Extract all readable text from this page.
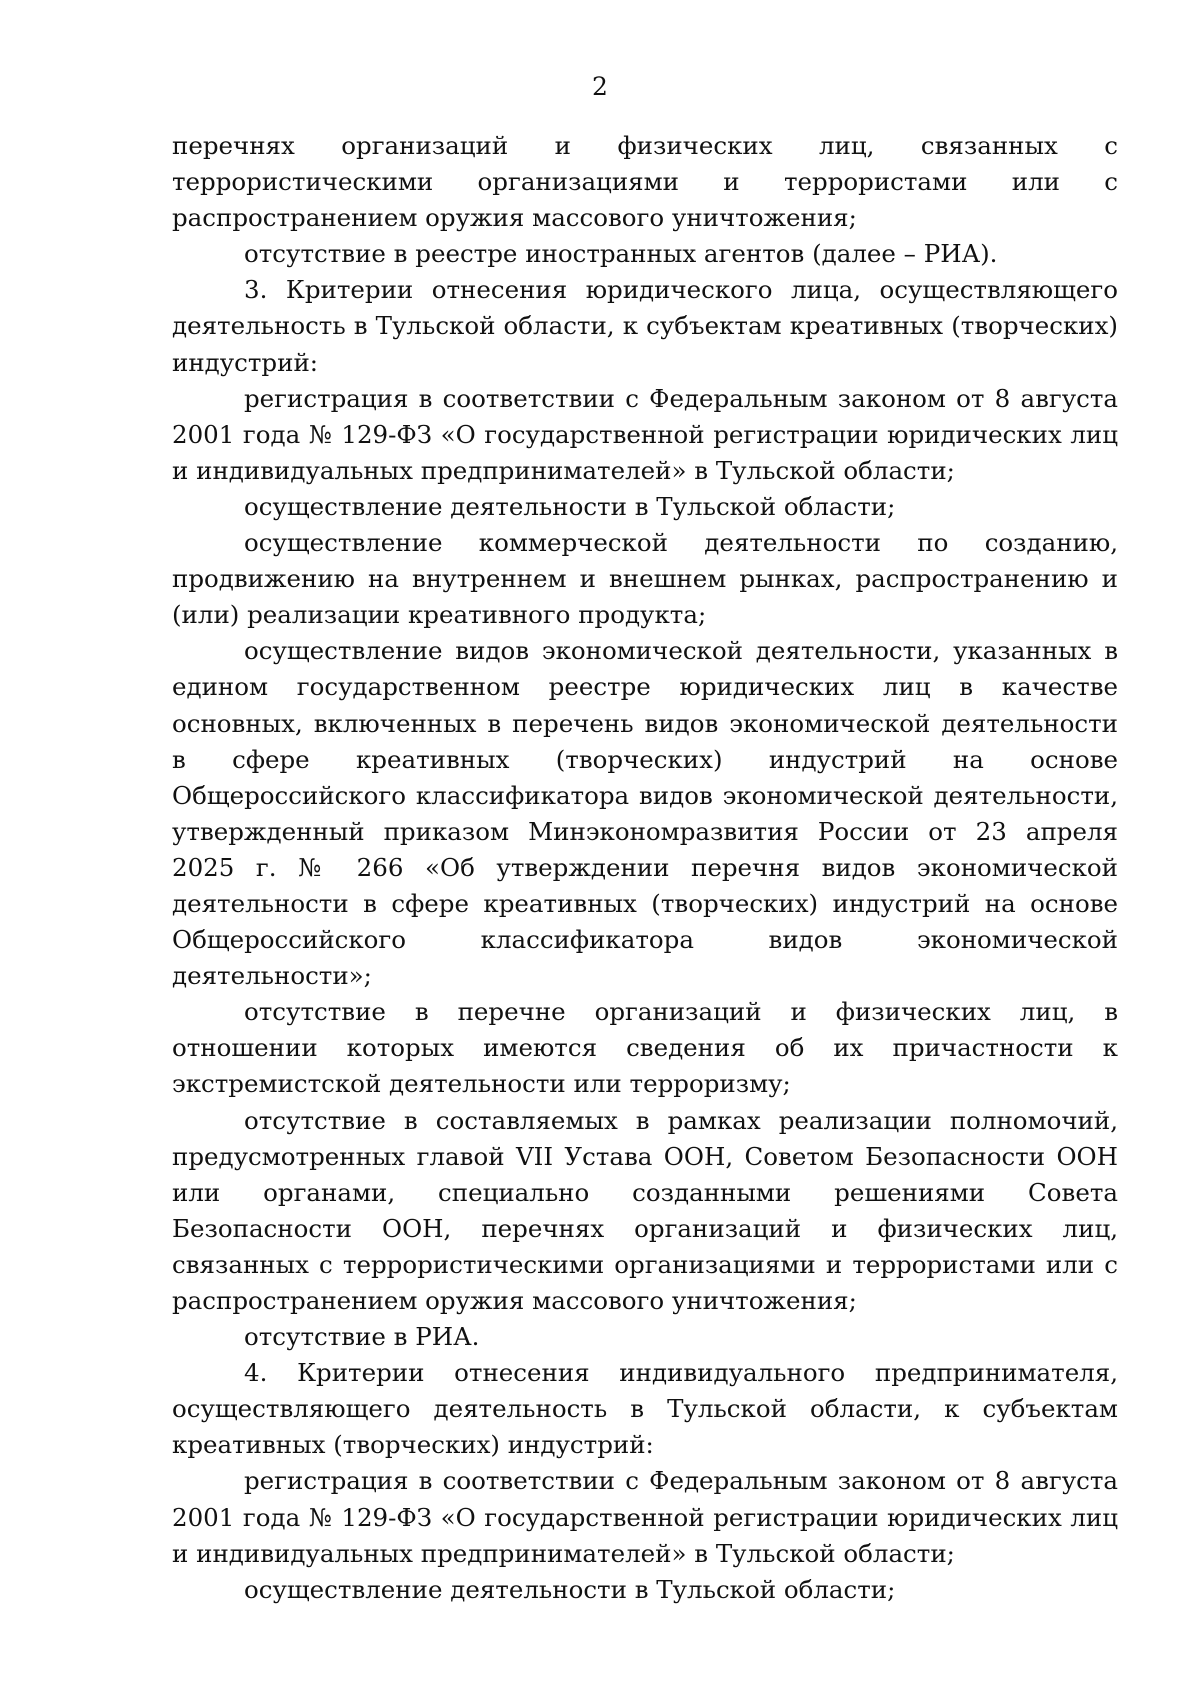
2

перечнях организаций и физических лиц, связанных с террористическими организациями и террористами или с распространением оружия массового уничтожения;

отсутствие в реестре иностранных агентов (далее – РИА).

3. Критерии отнесения юридического лица, осуществляющего деятельность в Тульской области, к субъектам креативных (творческих) индустрий:

регистрация в соответствии с Федеральным законом от 8 августа 2001 года № 129-ФЗ «О государственной регистрации юридических лиц и индивидуальных предпринимателей» в Тульской области;

осуществление деятельности в Тульской области;

осуществление коммерческой деятельности по созданию, продвижению на внутреннем и внешнем рынках, распространению и (или) реализации креативного продукта;

осуществление видов экономической деятельности, указанных в едином государственном реестре юридических лиц в качестве основных, включенных в перечень видов экономической деятельности в сфере креативных (творческих) индустрий на основе Общероссийского классификатора видов экономической деятельности, утвержденный приказом Минэкономразвития России от 23 апреля 2025 г. № 266 «Об утверждении перечня видов экономической деятельности в сфере креативных (творческих) индустрий на основе Общероссийского классификатора видов экономической деятельности»;

отсутствие в перечне организаций и физических лиц, в отношении которых имеются сведения об их причастности к экстремистской деятельности или терроризму;

отсутствие в составляемых в рамках реализации полномочий, предусмотренных главой VII Устава ООН, Советом Безопасности ООН или органами, специально созданными решениями Совета Безопасности ООН, перечнях организаций и физических лиц, связанных с террористическими организациями и террористами или с распространением оружия массового уничтожения;

отсутствие в РИА.

4. Критерии отнесения индивидуального предпринимателя, осуществляющего деятельность в Тульской области, к субъектам креативных (творческих) индустрий:

регистрация в соответствии с Федеральным законом от 8 августа 2001 года № 129-ФЗ «О государственной регистрации юридических лиц и индивидуальных предпринимателей» в Тульской области;

осуществление деятельности в Тульской области;
